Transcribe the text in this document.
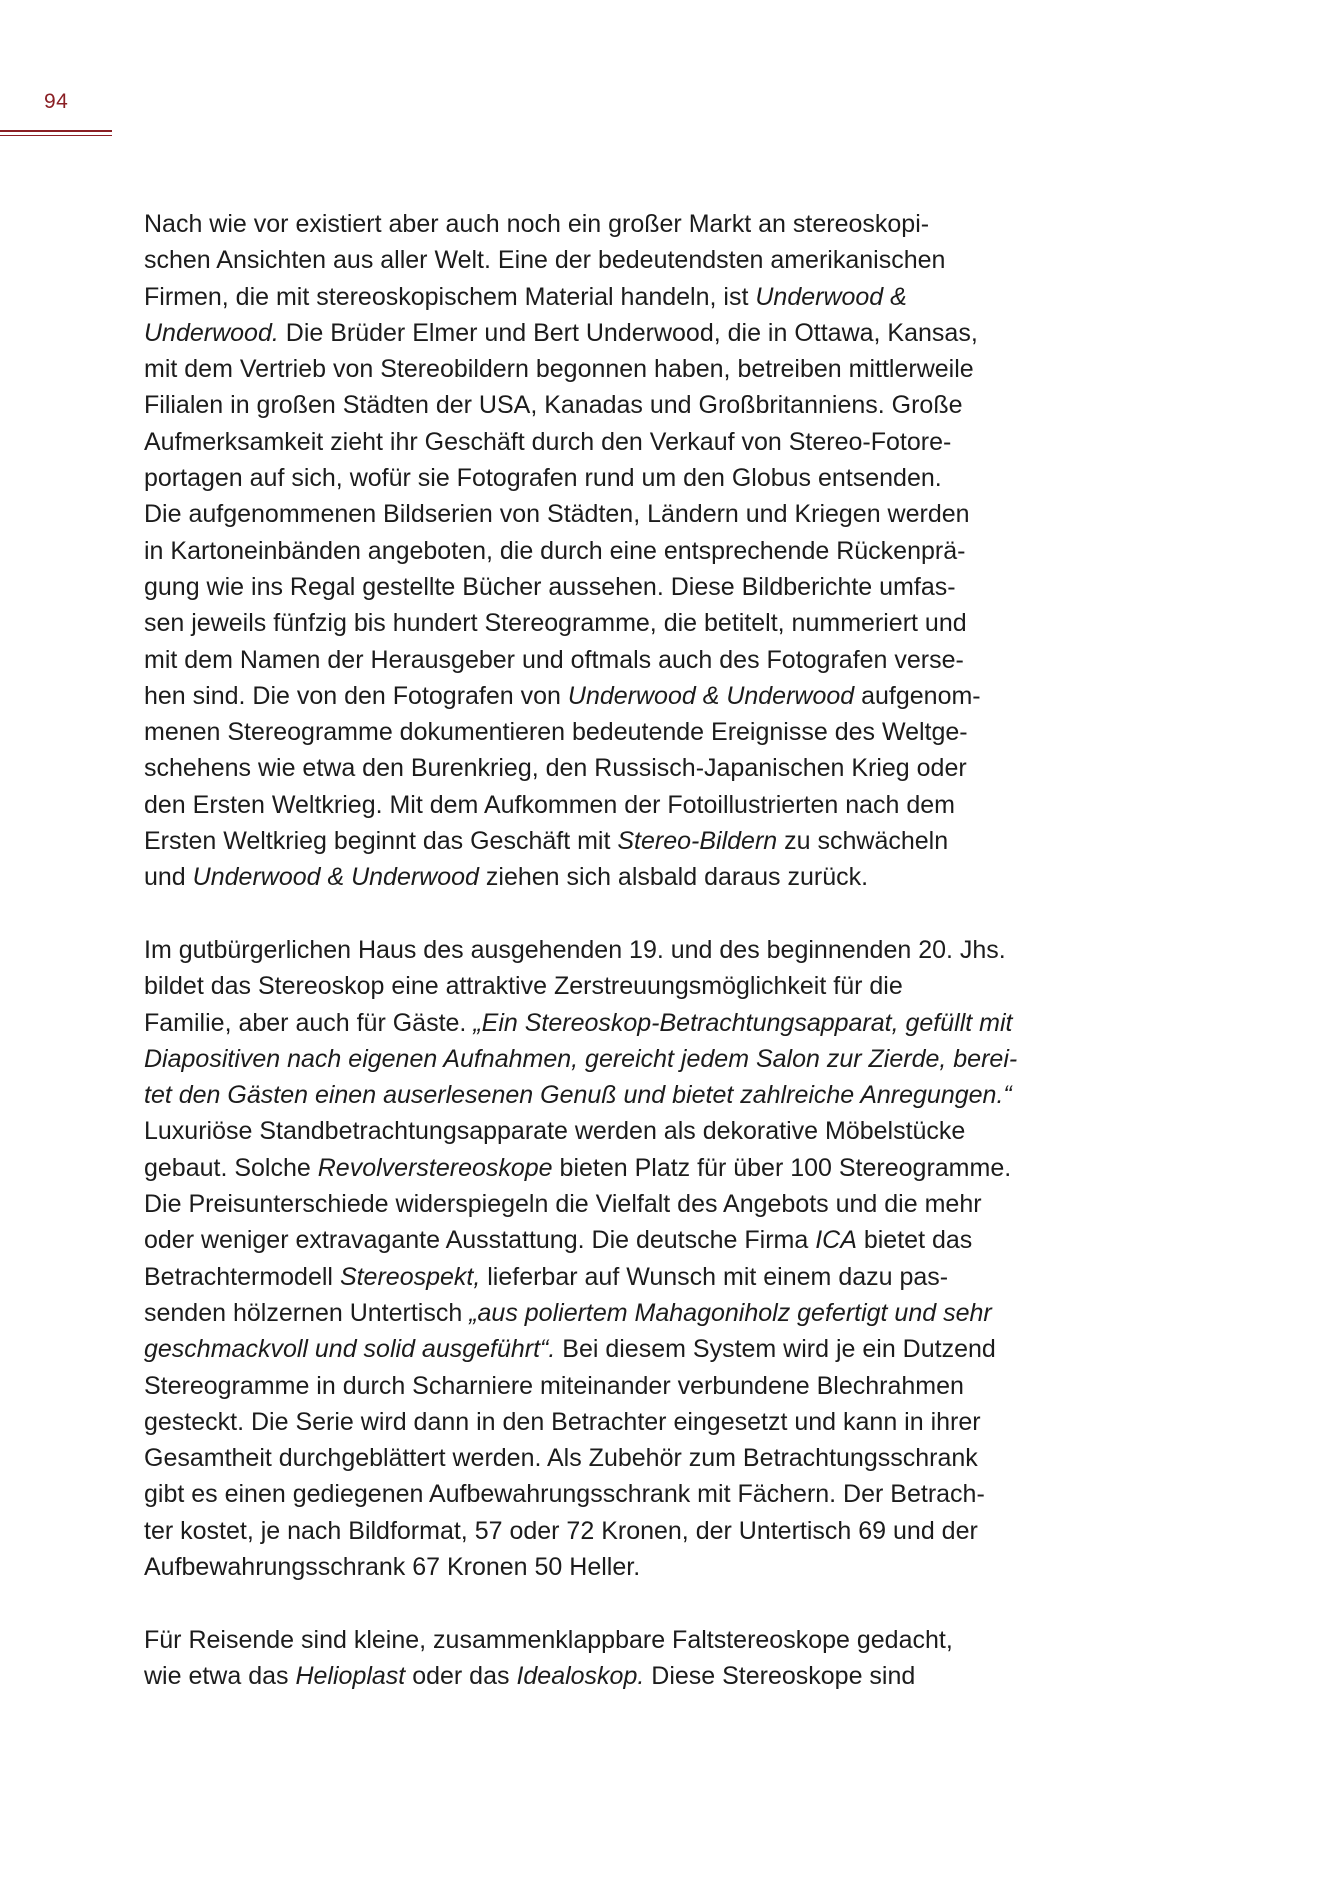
94

Nach wie vor existiert aber auch noch ein großer Markt an stereoskopi-
schen Ansichten aus aller Welt. Eine der bedeutendsten amerikanischen
Firmen, die mit stereoskopischem Material handeln, ist Underwood &
Underwood. Die Brüder Elmer und Bert Underwood, die in Ottawa, Kansas,
mit dem Vertrieb von Stereobildern begonnen haben, betreiben mittlerweile
Filialen in großen Städten der USA, Kanadas und Großbritanniens. Große
Aufmerksamkeit zieht ihr Geschäft durch den Verkauf von Stereo-Fotore-
portagen auf sich, wofür sie Fotografen rund um den Globus entsenden.
Die aufgenommenen Bildserien von Städten, Ländern und Kriegen werden
in Kartoneinbänden angeboten, die durch eine entsprechende Rückenprä-
gung wie ins Regal gestellte Bücher aussehen. Diese Bildberichte umfas-
sen jeweils fünfzig bis hundert Stereogramme, die betitelt, nummeriert und
mit dem Namen der Herausgeber und oftmals auch des Fotografen verse-
hen sind. Die von den Fotografen von Underwood & Underwood aufgenom-
menen Stereogramme dokumentieren bedeutende Ereignisse des Weltge-
schehens wie etwa den Burenkrieg, den Russisch-Japanischen Krieg oder
den Ersten Weltkrieg. Mit dem Aufkommen der Fotoillustrierten nach dem
Ersten Weltkrieg beginnt das Geschäft mit Stereo-Bildern zu schwächeln
und Underwood & Underwood ziehen sich alsbald daraus zurück.

Im gutbürgerlichen Haus des ausgehenden 19. und des beginnenden 20. Jhs.
bildet das Stereoskop eine attraktive Zerstreuungsmöglichkeit für die
Familie, aber auch für Gäste. „Ein Stereoskop-Betrachtungsapparat, gefüllt mit
Diapositiven nach eigenen Aufnahmen, gereicht jedem Salon zur Zierde, berei-
tet den Gästen einen auserlesenen Genuß und bietet zahlreiche Anregungen.“
Luxuriöse Standbetrachtungsapparate werden als dekorative Möbelstücke
gebaut. Solche Revolverstereoskope bieten Platz für über 100 Stereogramme.
Die Preisunterschiede widerspiegeln die Vielfalt des Angebots und die mehr
oder weniger extravagante Ausstattung. Die deutsche Firma ICA bietet das
Betrachtermodell Stereospekt, lieferbar auf Wunsch mit einem dazu pas-
senden hölzernen Untertisch „aus poliertem Mahagoniholz gefertigt und sehr
geschmackvoll und solid ausgeführt“. Bei diesem System wird je ein Dutzend
Stereogramme in durch Scharniere miteinander verbundene Blechrahmen
gesteckt. Die Serie wird dann in den Betrachter eingesetzt und kann in ihrer
Gesamtheit durchgeblättert werden. Als Zubehör zum Betrachtungsschrank
gibt es einen gediegenen Aufbewahrungsschrank mit Fächern. Der Betrach-
ter kostet, je nach Bildformat, 57 oder 72 Kronen, der Untertisch 69 und der
Aufbewahrungsschrank 67 Kronen 50 Heller.

Für Reisende sind kleine, zusammenklappbare Faltstereoskope gedacht,
wie etwa das Helioplast oder das Idealoskop. Diese Stereoskope sind
